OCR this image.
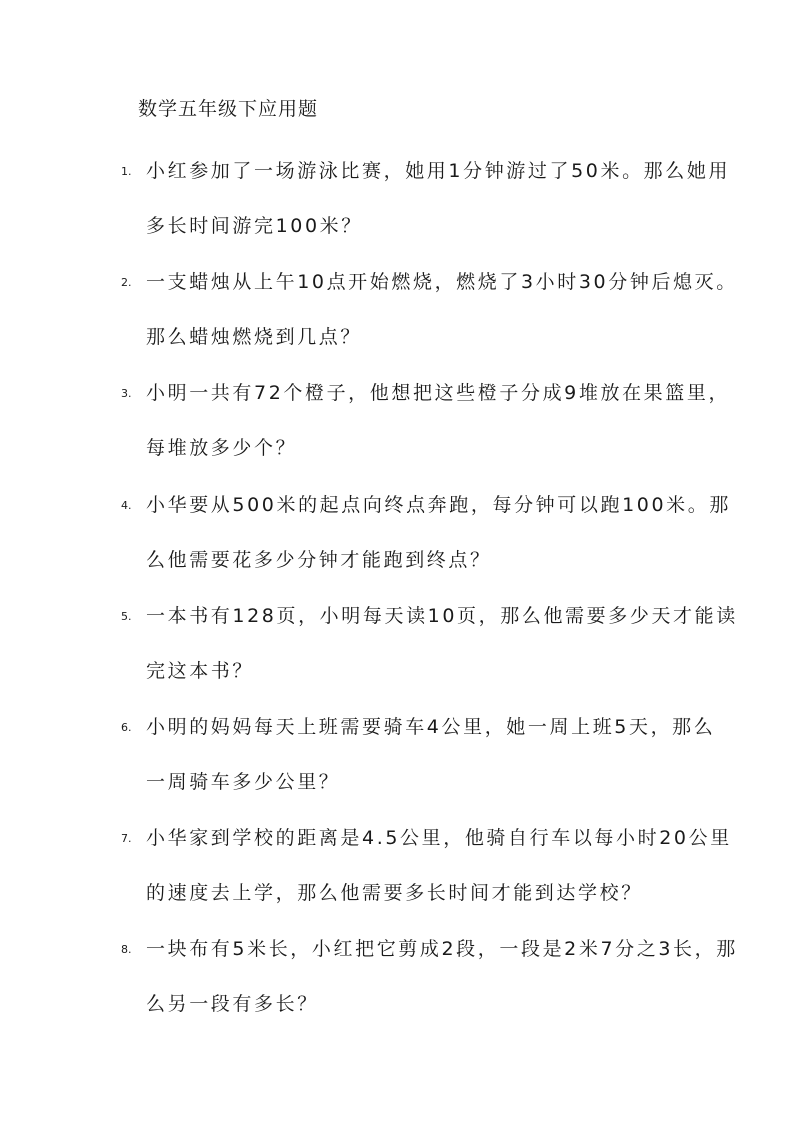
数学五年级下应用题
1. 小红参加了一场游泳比赛，她用1分钟游过了50米。那么她用
多长时间游完100米？
2. 一支蜡烛从上午10点开始燃烧，燃烧了3小时30分钟后熄灭。
那么蜡烛燃烧到几点？
3. 小明一共有72个橙子，他想把这些橙子分成9堆放在果篮里，
每堆放多少个？
4. 小华要从500米的起点向终点奔跑，每分钟可以跑100米。那
么他需要花多少分钟才能跑到终点？
5. 一本书有128页，小明每天读10页，那么他需要多少天才能读
完这本书？
6. 小明的妈妈每天上班需要骑车4公里，她一周上班5天，那么
一周骑车多少公里？
7. 小华家到学校的距离是4.5公里，他骑自行车以每小时20公里
的速度去上学，那么他需要多长时间才能到达学校？
8. 一块布有5米长，小红把它剪成2段，一段是2米7分之3长，那
么另一段有多长？
